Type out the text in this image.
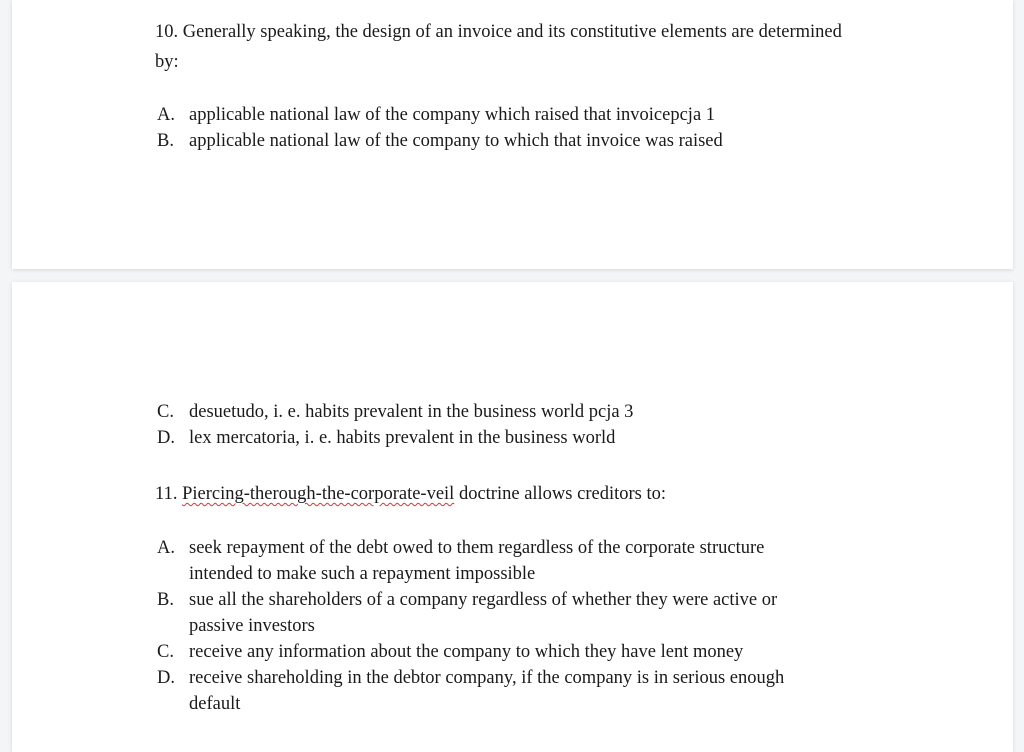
10. Generally speaking, the design of an invoice and its constitutive elements are determined
by:
A. applicable national law of the company which raised that invoicepcja 1
B. applicable national law of the company to which that invoice was raised
C. desuetudo, i. e. habits prevalent in the business world pcja 3
D. lex mercatoria, i. e. habits prevalent in the business world
11. Piercing-therough-the-corporate-veil doctrine allows creditors to:
A. seek repayment of the debt owed to them regardless of the corporate structure
intended to make such a repayment impossible
B. sue all the shareholders of a company regardless of whether they were active or
passive investors
C. receive any information about the company to which they have lent money
D. receive shareholding in the debtor company, if the company is in serious enough
default
